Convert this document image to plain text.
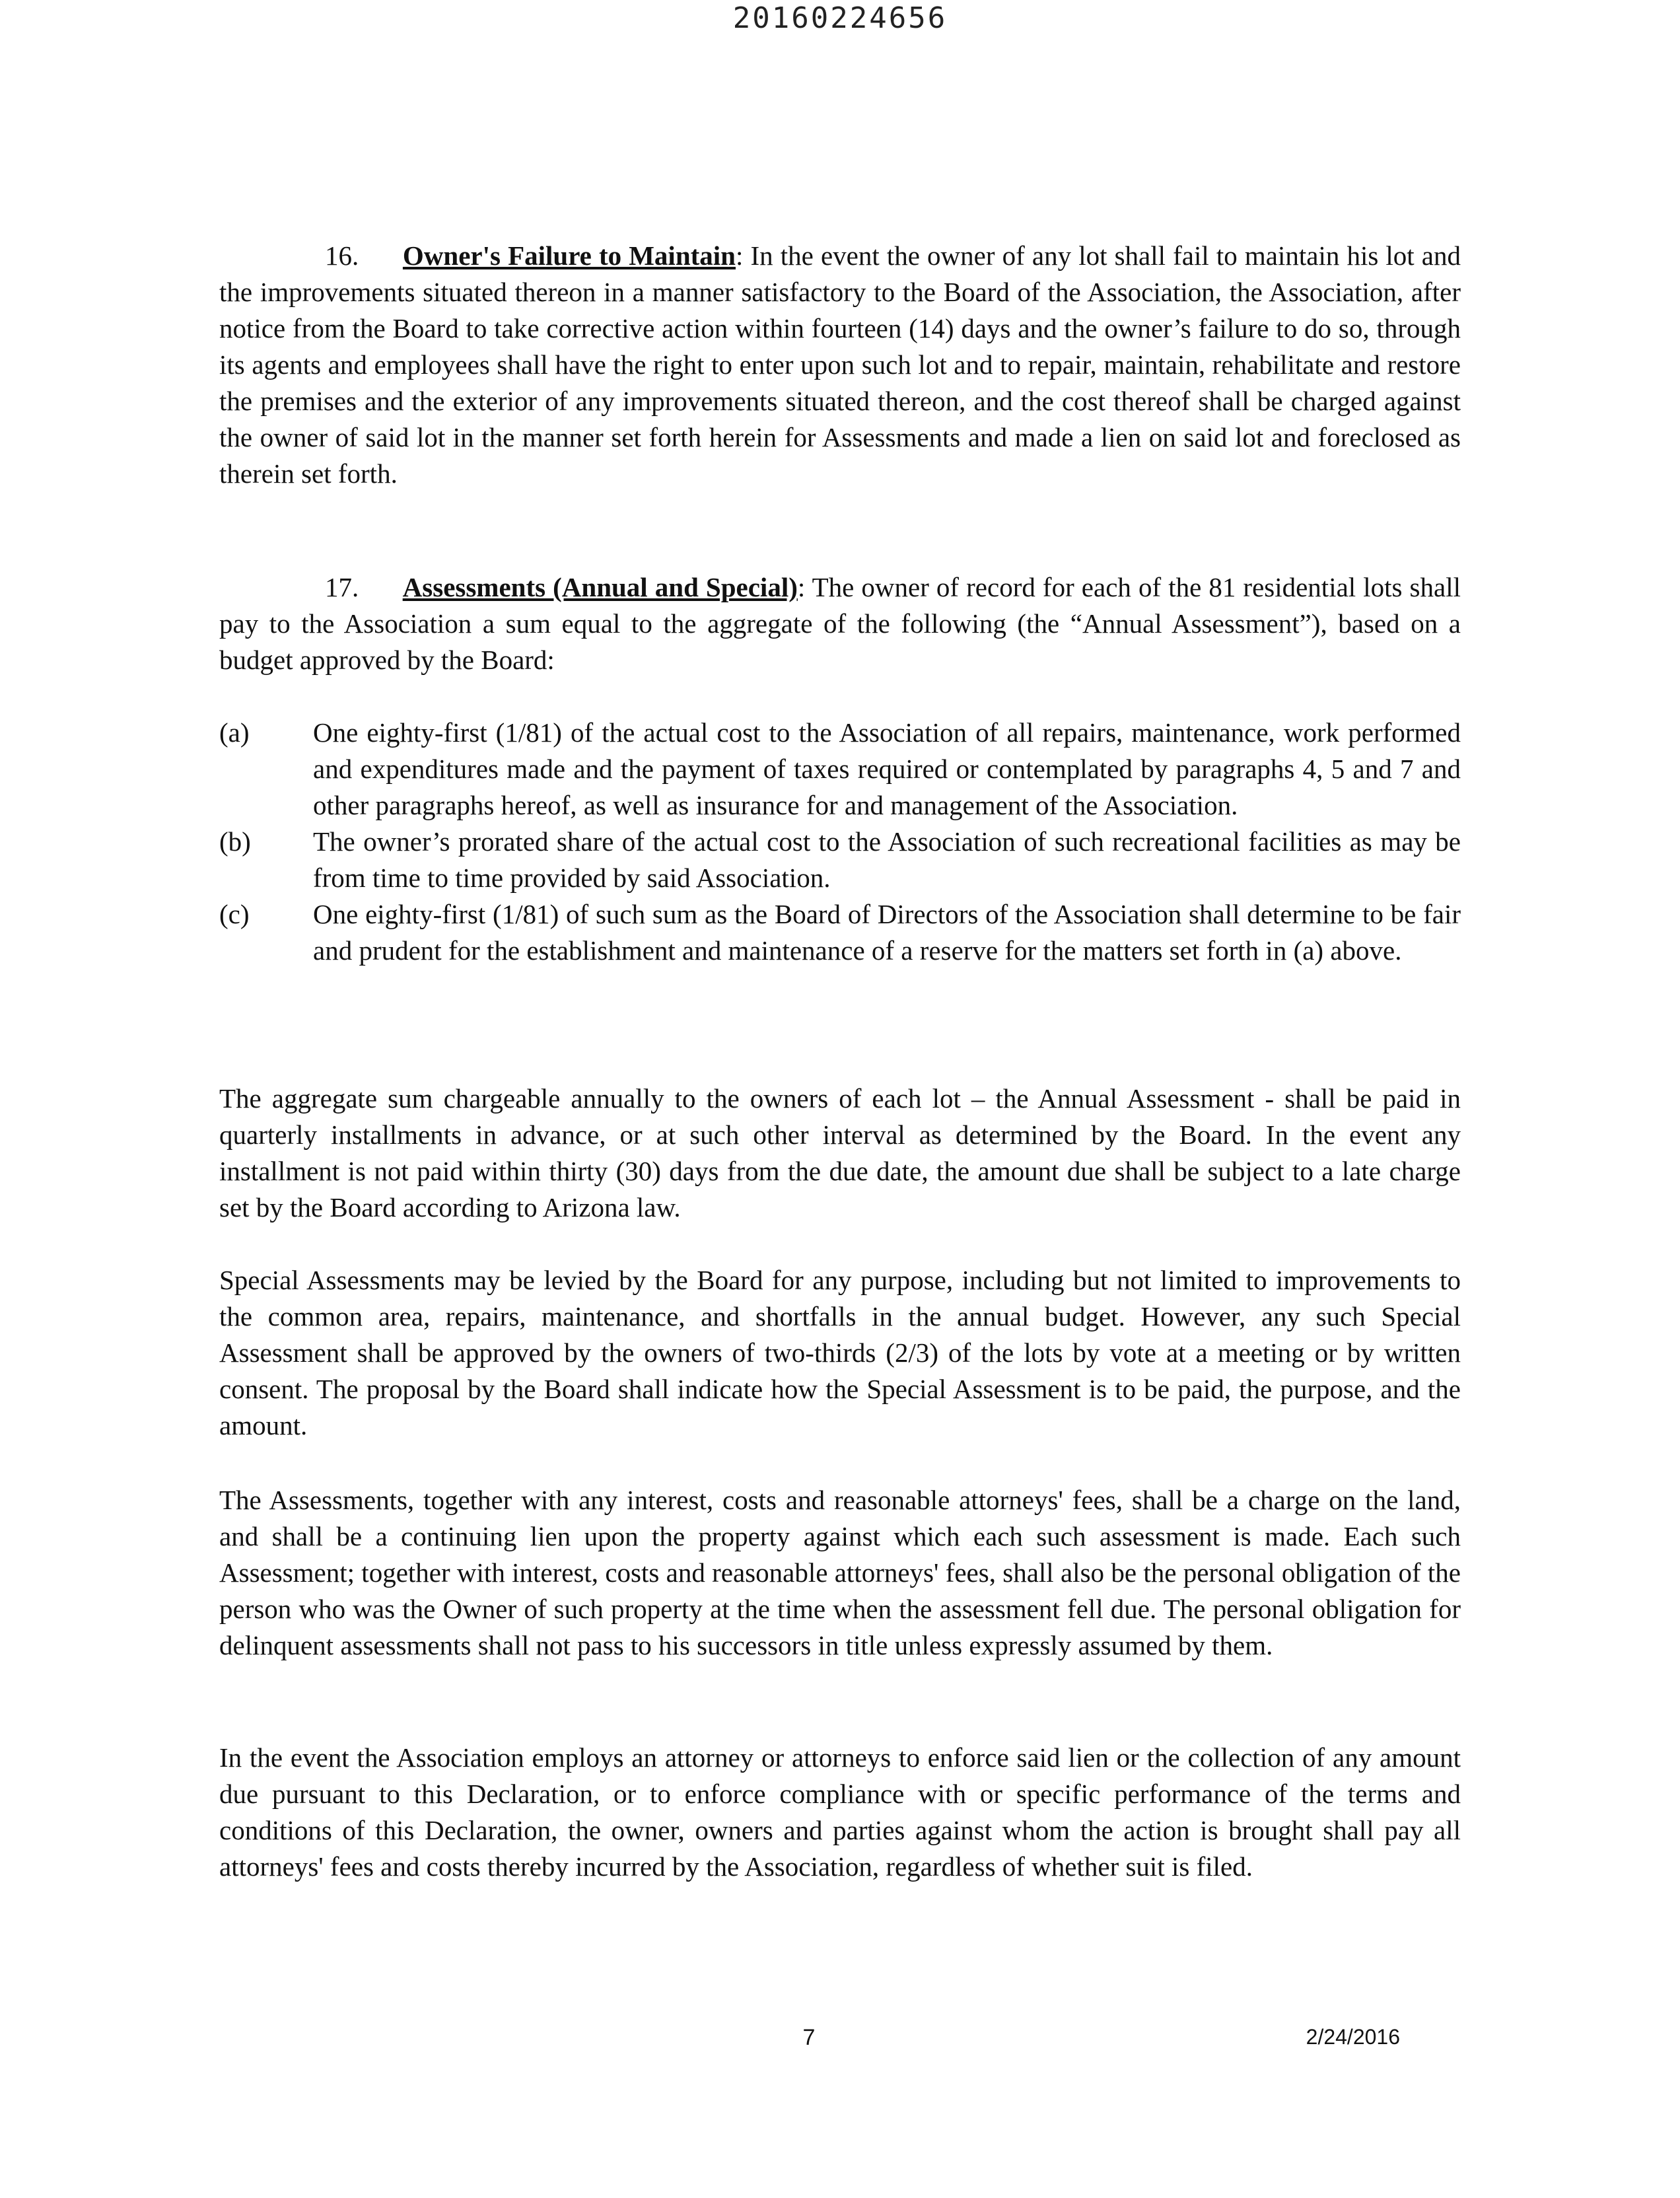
20160224656

16. Owner's Failure to Maintain: In the event the owner of any lot shall fail to maintain his lot and the improvements situated thereon in a manner satisfactory to the Board of the Association, the Association, after notice from the Board to take corrective action within fourteen (14) days and the owner’s failure to do so, through its agents and employees shall have the right to enter upon such lot and to repair, maintain, rehabilitate and restore the premises and the exterior of any improvements situated thereon, and the cost thereof shall be charged against the owner of said lot in the manner set forth herein for Assessments and made a lien on said lot and foreclosed as therein set forth.

17. Assessments (Annual and Special): The owner of record for each of the 81 residential lots shall pay to the Association a sum equal to the aggregate of the following (the “Annual Assessment”), based on a budget approved by the Board:

(a) One eighty-first (1/81) of the actual cost to the Association of all repairs, maintenance, work performed and expenditures made and the payment of taxes required or contemplated by paragraphs 4, 5 and 7 and other paragraphs hereof, as well as insurance for and management of the Association.

(b) The owner’s prorated share of the actual cost to the Association of such recreational facilities as may be from time to time provided by said Association.

(c) One eighty-first (1/81) of such sum as the Board of Directors of the Association shall determine to be fair and prudent for the establishment and maintenance of a reserve for the matters set forth in (a) above.

The aggregate sum chargeable annually to the owners of each lot – the Annual Assessment - shall be paid in quarterly installments in advance, or at such other interval as determined by the Board. In the event any installment is not paid within thirty (30) days from the due date, the amount due shall be subject to a late charge set by the Board according to Arizona law.

Special Assessments may be levied by the Board for any purpose, including but not limited to improvements to the common area, repairs, maintenance, and shortfalls in the annual budget. However, any such Special Assessment shall be approved by the owners of two-thirds (2/3) of the lots by vote at a meeting or by written consent. The proposal by the Board shall indicate how the Special Assessment is to be paid, the purpose, and the amount.

The Assessments, together with any interest, costs and reasonable attorneys' fees, shall be a charge on the land, and shall be a continuing lien upon the property against which each such assessment is made. Each such Assessment; together with interest, costs and reasonable attorneys' fees, shall also be the personal obligation of the person who was the Owner of such property at the time when the assessment fell due. The personal obligation for delinquent assessments shall not pass to his successors in title unless expressly assumed by them.

In the event the Association employs an attorney or attorneys to enforce said lien or the collection of any amount due pursuant to this Declaration, or to enforce compliance with or specific performance of the terms and conditions of this Declaration, the owner, owners and parties against whom the action is brought shall pay all attorneys' fees and costs thereby incurred by the Association, regardless of whether suit is filed.

7	2/24/2016
